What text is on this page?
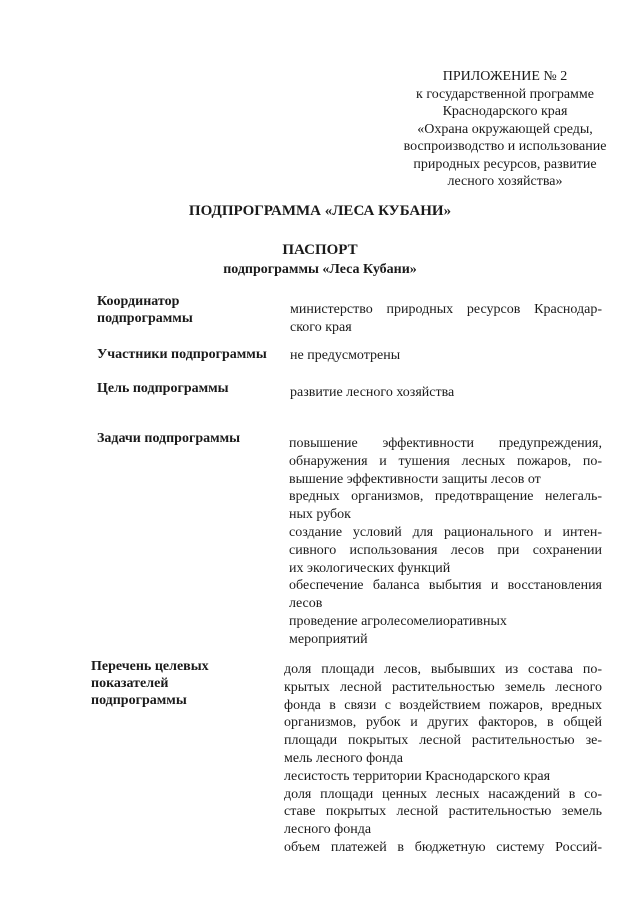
ПРИЛОЖЕНИЕ № 2
к государственной программе
Краснодарского края
«Охрана окружающей среды,
воспроизводство и использование
природных ресурсов, развитие
лесного хозяйства»
ПОДПРОГРАММА «ЛЕСА КУБАНИ»
ПАСПОРТ
подпрограммы «Леса Кубани»
Координатор
подпрограммы
министерство природных ресурсов Краснодар-
ского края
Участники подпрограммы не предусмотрены
Цель подпрограммы	развитие лесного хозяйства
Задачи подпрограммы	повышение эффективности предупреждения,
обнаружения и тушения лесных пожаров, по-
вышение эффективности защиты лесов от
вредных организмов, предотвращение нелегаль-
ных рубок
создание условий для рационального и интен-
сивного использования лесов при сохранении
их экологических функций
обеспечение баланса выбытия и восстановления
лесов
проведение агролесомелиоративных
мероприятий
Перечень целевых
показателей
подпрограммы
доля площади лесов, выбывших из состава по-
крытых лесной растительностью земель лесного
фонда в связи с воздействием пожаров, вредных
организмов, рубок и других факторов, в общей
площади покрытых лесной растительностью зе-
мель лесного фонда
лесистость территории Краснодарского края
доля площади ценных лесных насаждений в со-
ставе покрытых лесной растительностью земель
лесного фонда
объем платежей в бюджетную систему Россий-
